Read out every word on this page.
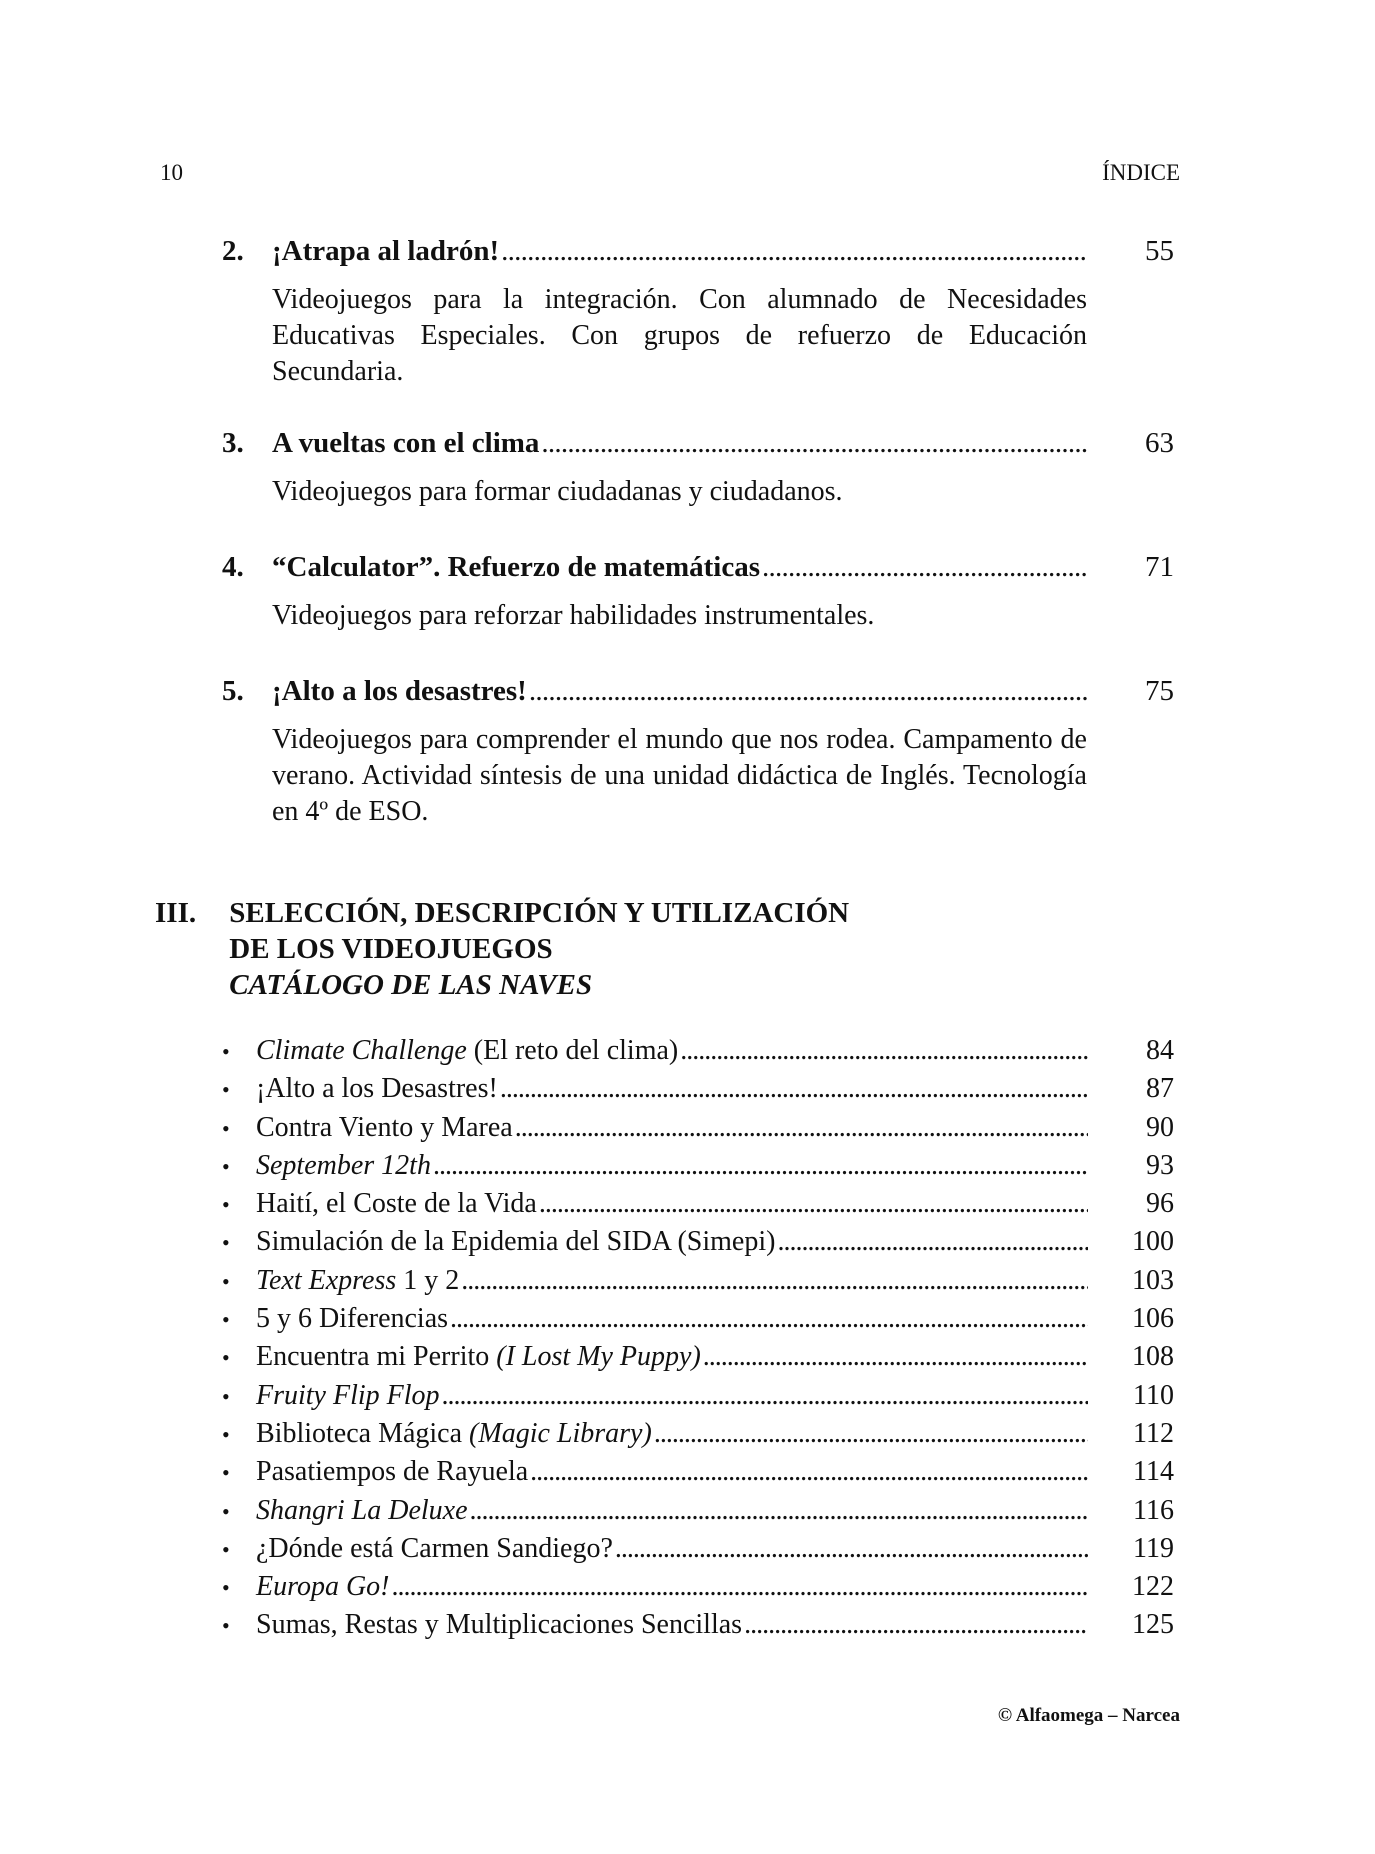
10	ÍNDICE
2. ¡Atrapa al ladrón! . . .	55
Videojuegos para la integración. Con alumnado de Necesidades Educativas Especiales. Con grupos de refuerzo de Educación Secundaria.
3. A vueltas con el clima . . .	63
Videojuegos para formar ciudadanas y ciudadanos.
4. “Calculator”. Refuerzo de matemáticas . . .	71
Videojuegos para reforzar habilidades instrumentales.
5. ¡Alto a los desastres! . . .	75
Videojuegos para comprender el mundo que nos rodea. Campamento de verano. Actividad síntesis de una unidad didáctica de Inglés. Tecnología en 4º de ESO.
III. SELECCIÓN, DESCRIPCIÓN Y UTILIZACIÓN
DE LOS VIDEOJUEGOS
CATÁLOGO DE LAS NAVES
• Climate Challenge (El reto del clima) . . .	84
• ¡Alto a los Desastres! . . .	87
• Contra Viento y Marea . . .	90
• September 12th . . .	93
• Haití, el Coste de la Vida . . .	96
• Simulación de la Epidemia del SIDA (Simepi) . . .	100
• Text Express 1 y 2 . . .	103
• 5 y 6 Diferencias . . .	106
• Encuentra mi Perrito (I Lost My Puppy) . . .	108
• Fruity Flip Flop . . .	110
• Biblioteca Mágica (Magic Library) . . .	112
• Pasatiempos de Rayuela . . .	114
• Shangri La Deluxe . . .	116
• ¿Dónde está Carmen Sandiego? . . .	119
• Europa Go! . . .	122
• Sumas, Restas y Multiplicaciones Sencillas . . .	125
© Alfaomega – Narcea
